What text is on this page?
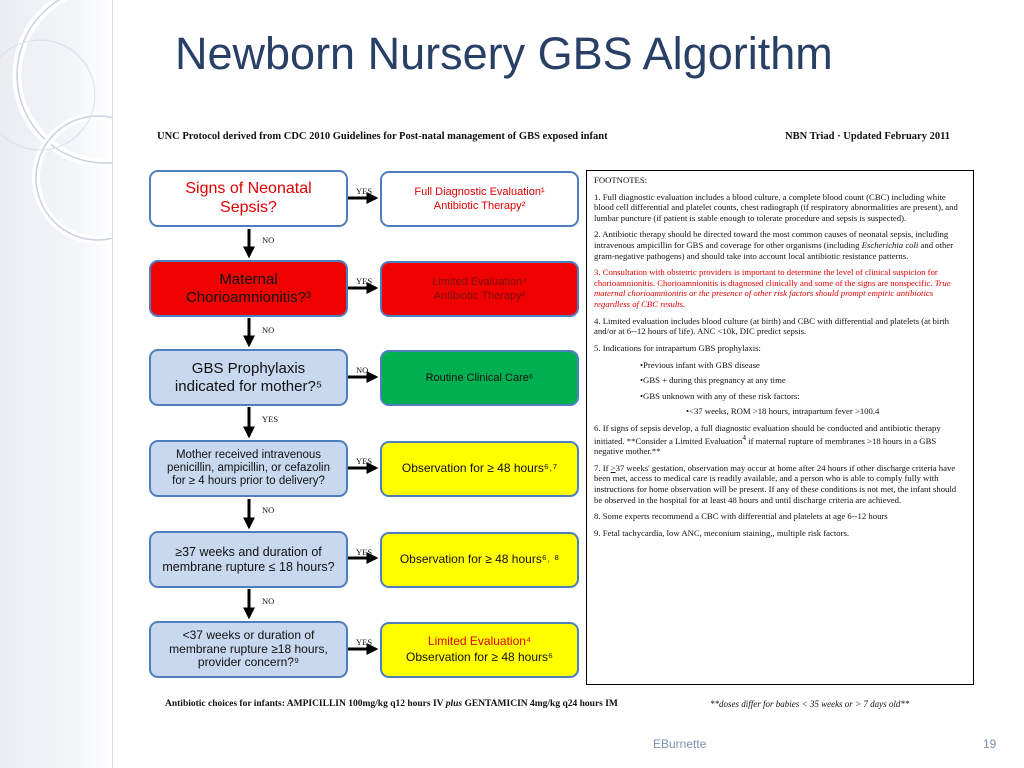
Newborn Nursery GBS Algorithm
UNC Protocol derived from CDC 2010 Guidelines for Post-natal management of GBS exposed infant	NBN Triad · Updated February 2011
Signs of Neonatal
Sepsis?
Full Diagnostic Evaluation¹
Antibiotic Therapy²
YES
NO
Maternal
Chorioamnionitis?³
Limited Evaluation⁴
Antibiotic Therapy²
YES
NO
GBS Prophylaxis
indicated for mother?⁵	Routine Clinical Care⁶
NO
YES
Mother received intravenous
penicillin, ampicillin, or cefazolin
for ≥ 4 hours prior to delivery?
Observation for ≥ 48 hours⁶˒⁷
YES
NO
≥37 weeks and duration of
membrane rupture ≤ 18 hours?
Observation for ≥ 48 hours⁶˒ ⁸
YES
NO
<37 weeks or duration of
membrane rupture ≥18 hours,
provider concern?⁹
Limited Evaluation⁴
Observation for ≥ 48 hours⁶
YES

FOOTNOTES:

1. Full diagnostic evaluation includes a blood culture, a complete blood count (CBC) including white blood cell differential and platelet counts, chest radiograph (if respiratory abnormalities are present), and lumbar puncture (if patient is stable enough to tolerate procedure and sepsis is suspected).

2. Antibiotic therapy should be directed toward the most common causes of neonatal sepsis, including intravenous ampicillin for GBS and coverage for other organisms (including Escherichia coli and other gram-negative pathogens) and should take into account local antibiotic resistance patterns.

3. Consultation with obstetric providers is important to determine the level of clinical suspicion for chorioamnionitis. Chorioamnionitis is diagnosed clinically and some of the signs are nonspecific. True maternal chorioamnionitis or the presence of other risk factors should prompt empiric antibiotics regardless of CBC results.

4. Limited evaluation includes blood culture (at birth) and CBC with differential and platelets (at birth and/or at 6--12 hours of life). ANC <10k, DIC predict sepsis.

5. Indications for intrapartum GBS prophylaxis:

•Previous infant with GBS disease

•GBS + during this pregnancy at any time

•GBS unknown with any of these risk factors:

•<37 weeks, ROM >18 hours, intrapartum fever >100.4

6. If signs of sepsis develop, a full diagnostic evaluation should be conducted and antibiotic therapy initiated. **Consider a Limited Evaluation$^4$ if maternal rupture of membranes >18 hours in a GBS negative mother.**

7. If >37 weeks' gestation, observation may occur at home after 24 hours if other discharge criteria have been met, access to medical care is readily available, and a person who is able to comply fully with instructions for home observation will be present. If any of these conditions is not met, the infant should be observed in the hospital for at least 48 hours and until discharge criteria are achieved.

8. Some experts recommend a CBC with differential and platelets at age 6--12 hours

9. Fetal tachycardia, low ANC, meconium staining,, multiple risk factors.

Antibiotic choices for infants: AMPICILLIN 100mg/kg q12 hours IV plus GENTAMICIN 4mg/kg q24 hours IM	**doses differ for babies < 35 weeks or > 7 days old**
EBurnette	19
